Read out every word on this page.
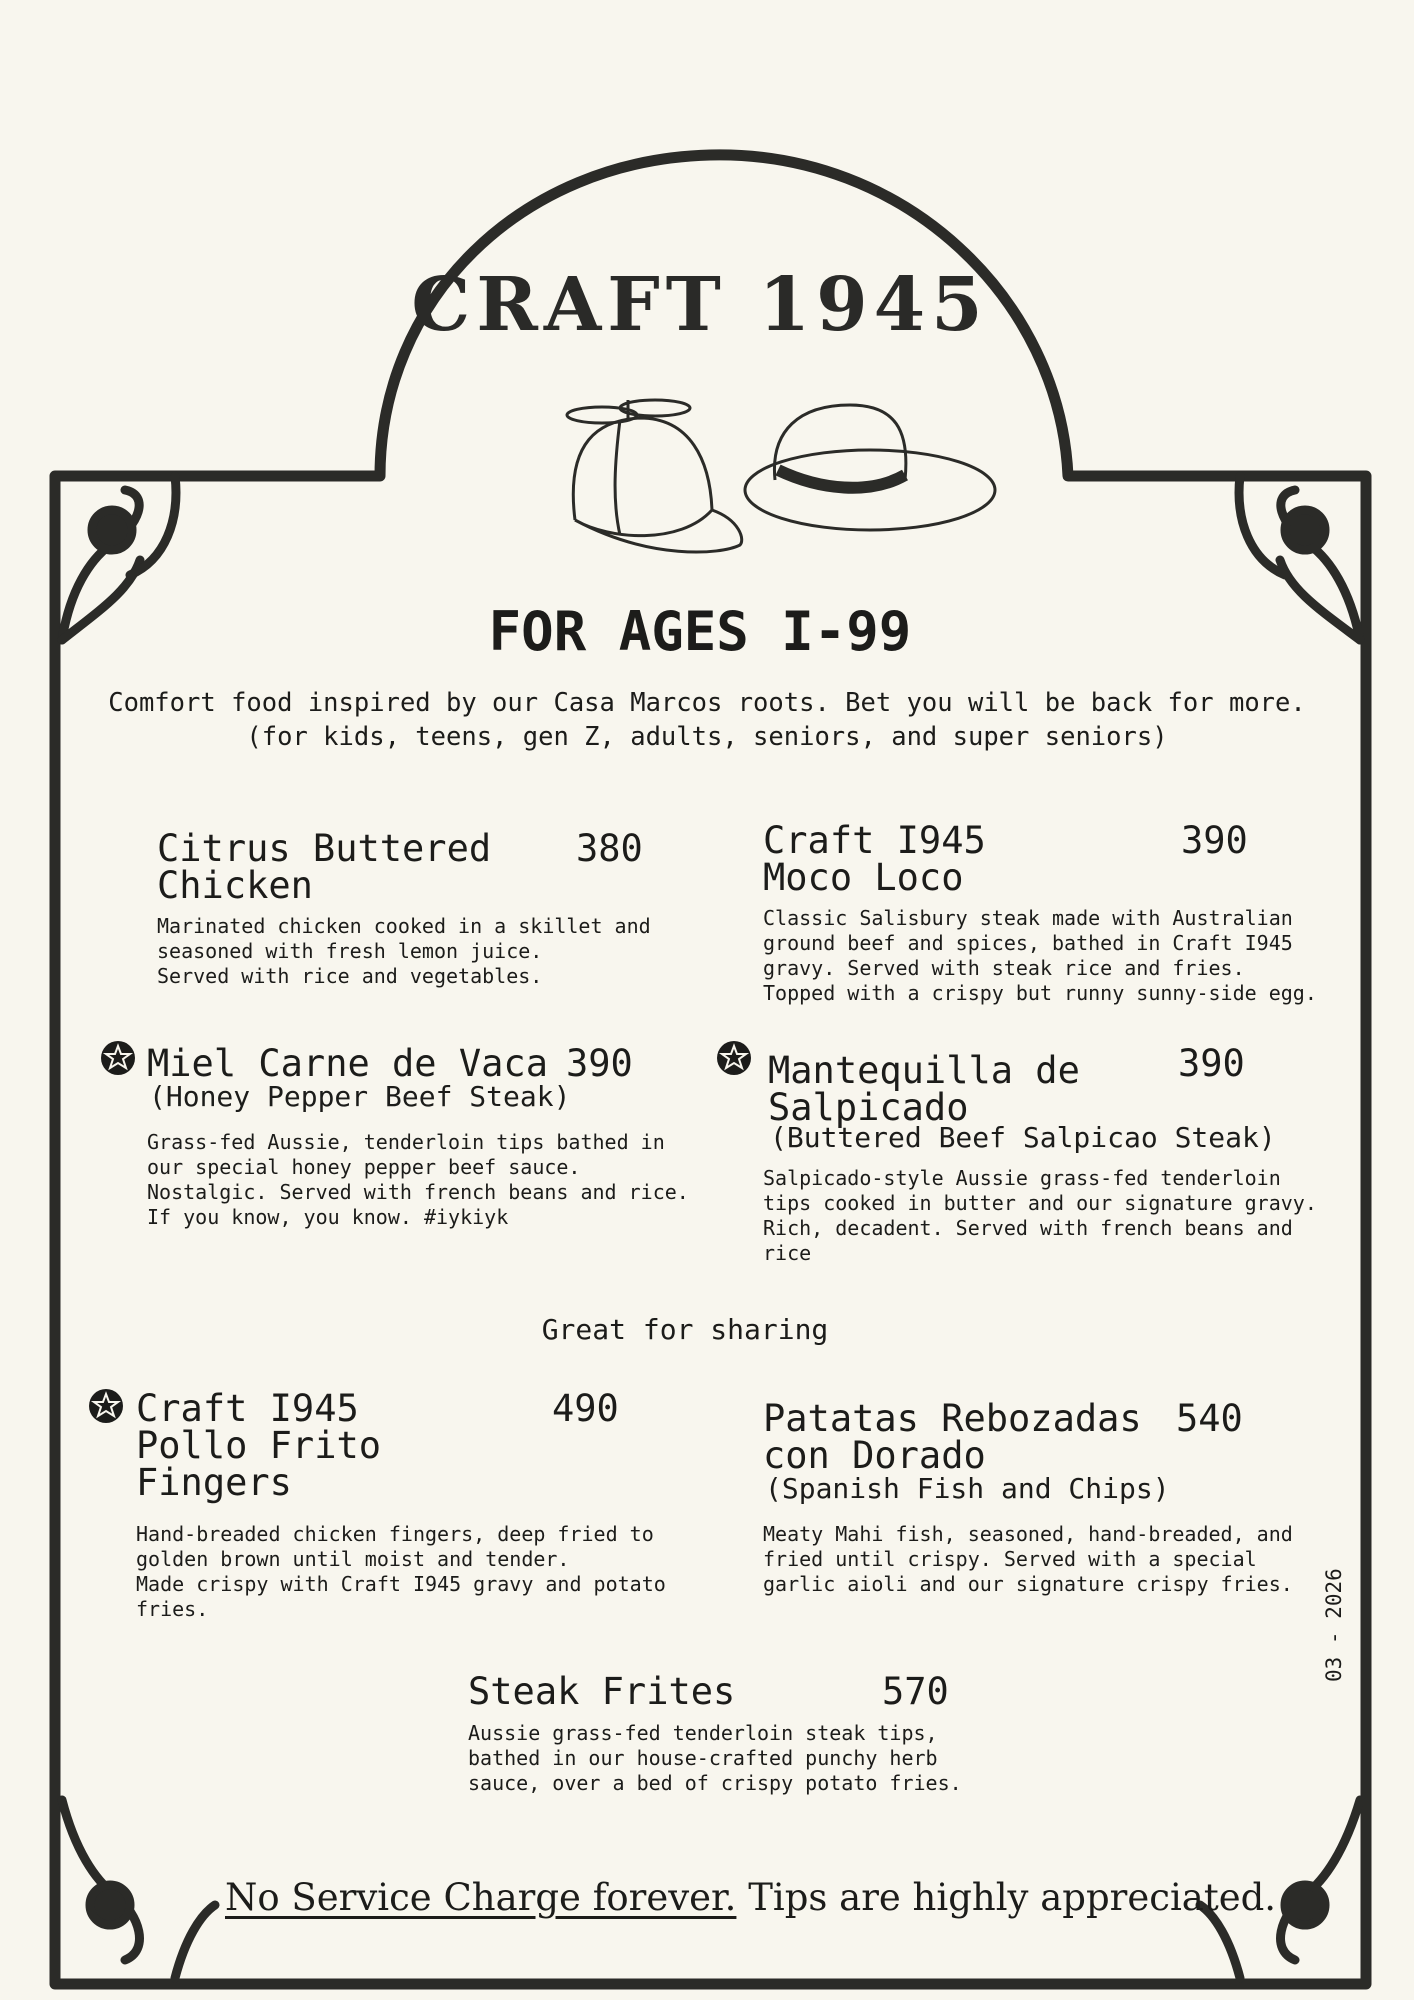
CRAFT 1945
FOR AGES I-99
Comfort food inspired by our Casa Marcos roots. Bet you will be back for more.
(for kids, teens, gen Z, adults, seniors, and super seniors)
Citrus Buttered
Chicken
380
Marinated chicken cooked in a skillet and
seasoned with fresh lemon juice.
Served with rice and vegetables.
Craft I945
Moco Loco
390
Classic Salisbury steak made with Australian
ground beef and spices, bathed in Craft I945
gravy. Served with steak rice and fries.
Topped with a crispy but runny sunny-side egg.
Miel Carne de Vaca 390
(Honey Pepper Beef Steak)
Grass-fed Aussie, tenderloin tips bathed in
our special honey pepper beef sauce.
Nostalgic. Served with french beans and rice.
If you know, you know. #iykiyk
Mantequilla de
Salpicado
390
(Buttered Beef Salpicao Steak)
Salpicado-style Aussie grass-fed tenderloin
tips cooked in butter and our signature gravy.
Rich, decadent. Served with french beans and
rice
Great for sharing
Craft I945
Pollo Frito
Fingers
490
Hand-breaded chicken fingers, deep fried to
golden brown until moist and tender.
Made crispy with Craft I945 gravy and potato
fries.
Patatas Rebozadas
con Dorado
540
(Spanish Fish and Chips)
Meaty Mahi fish, seasoned, hand-breaded, and
fried until crispy. Served with a special
garlic aioli and our signature crispy fries.
Steak Frites	570
Aussie grass-fed tenderloin steak tips,
bathed in our house-crafted punchy herb
sauce, over a bed of crispy potato fries.
03 - 2026
No Service Charge forever. Tips are highly appreciated.
